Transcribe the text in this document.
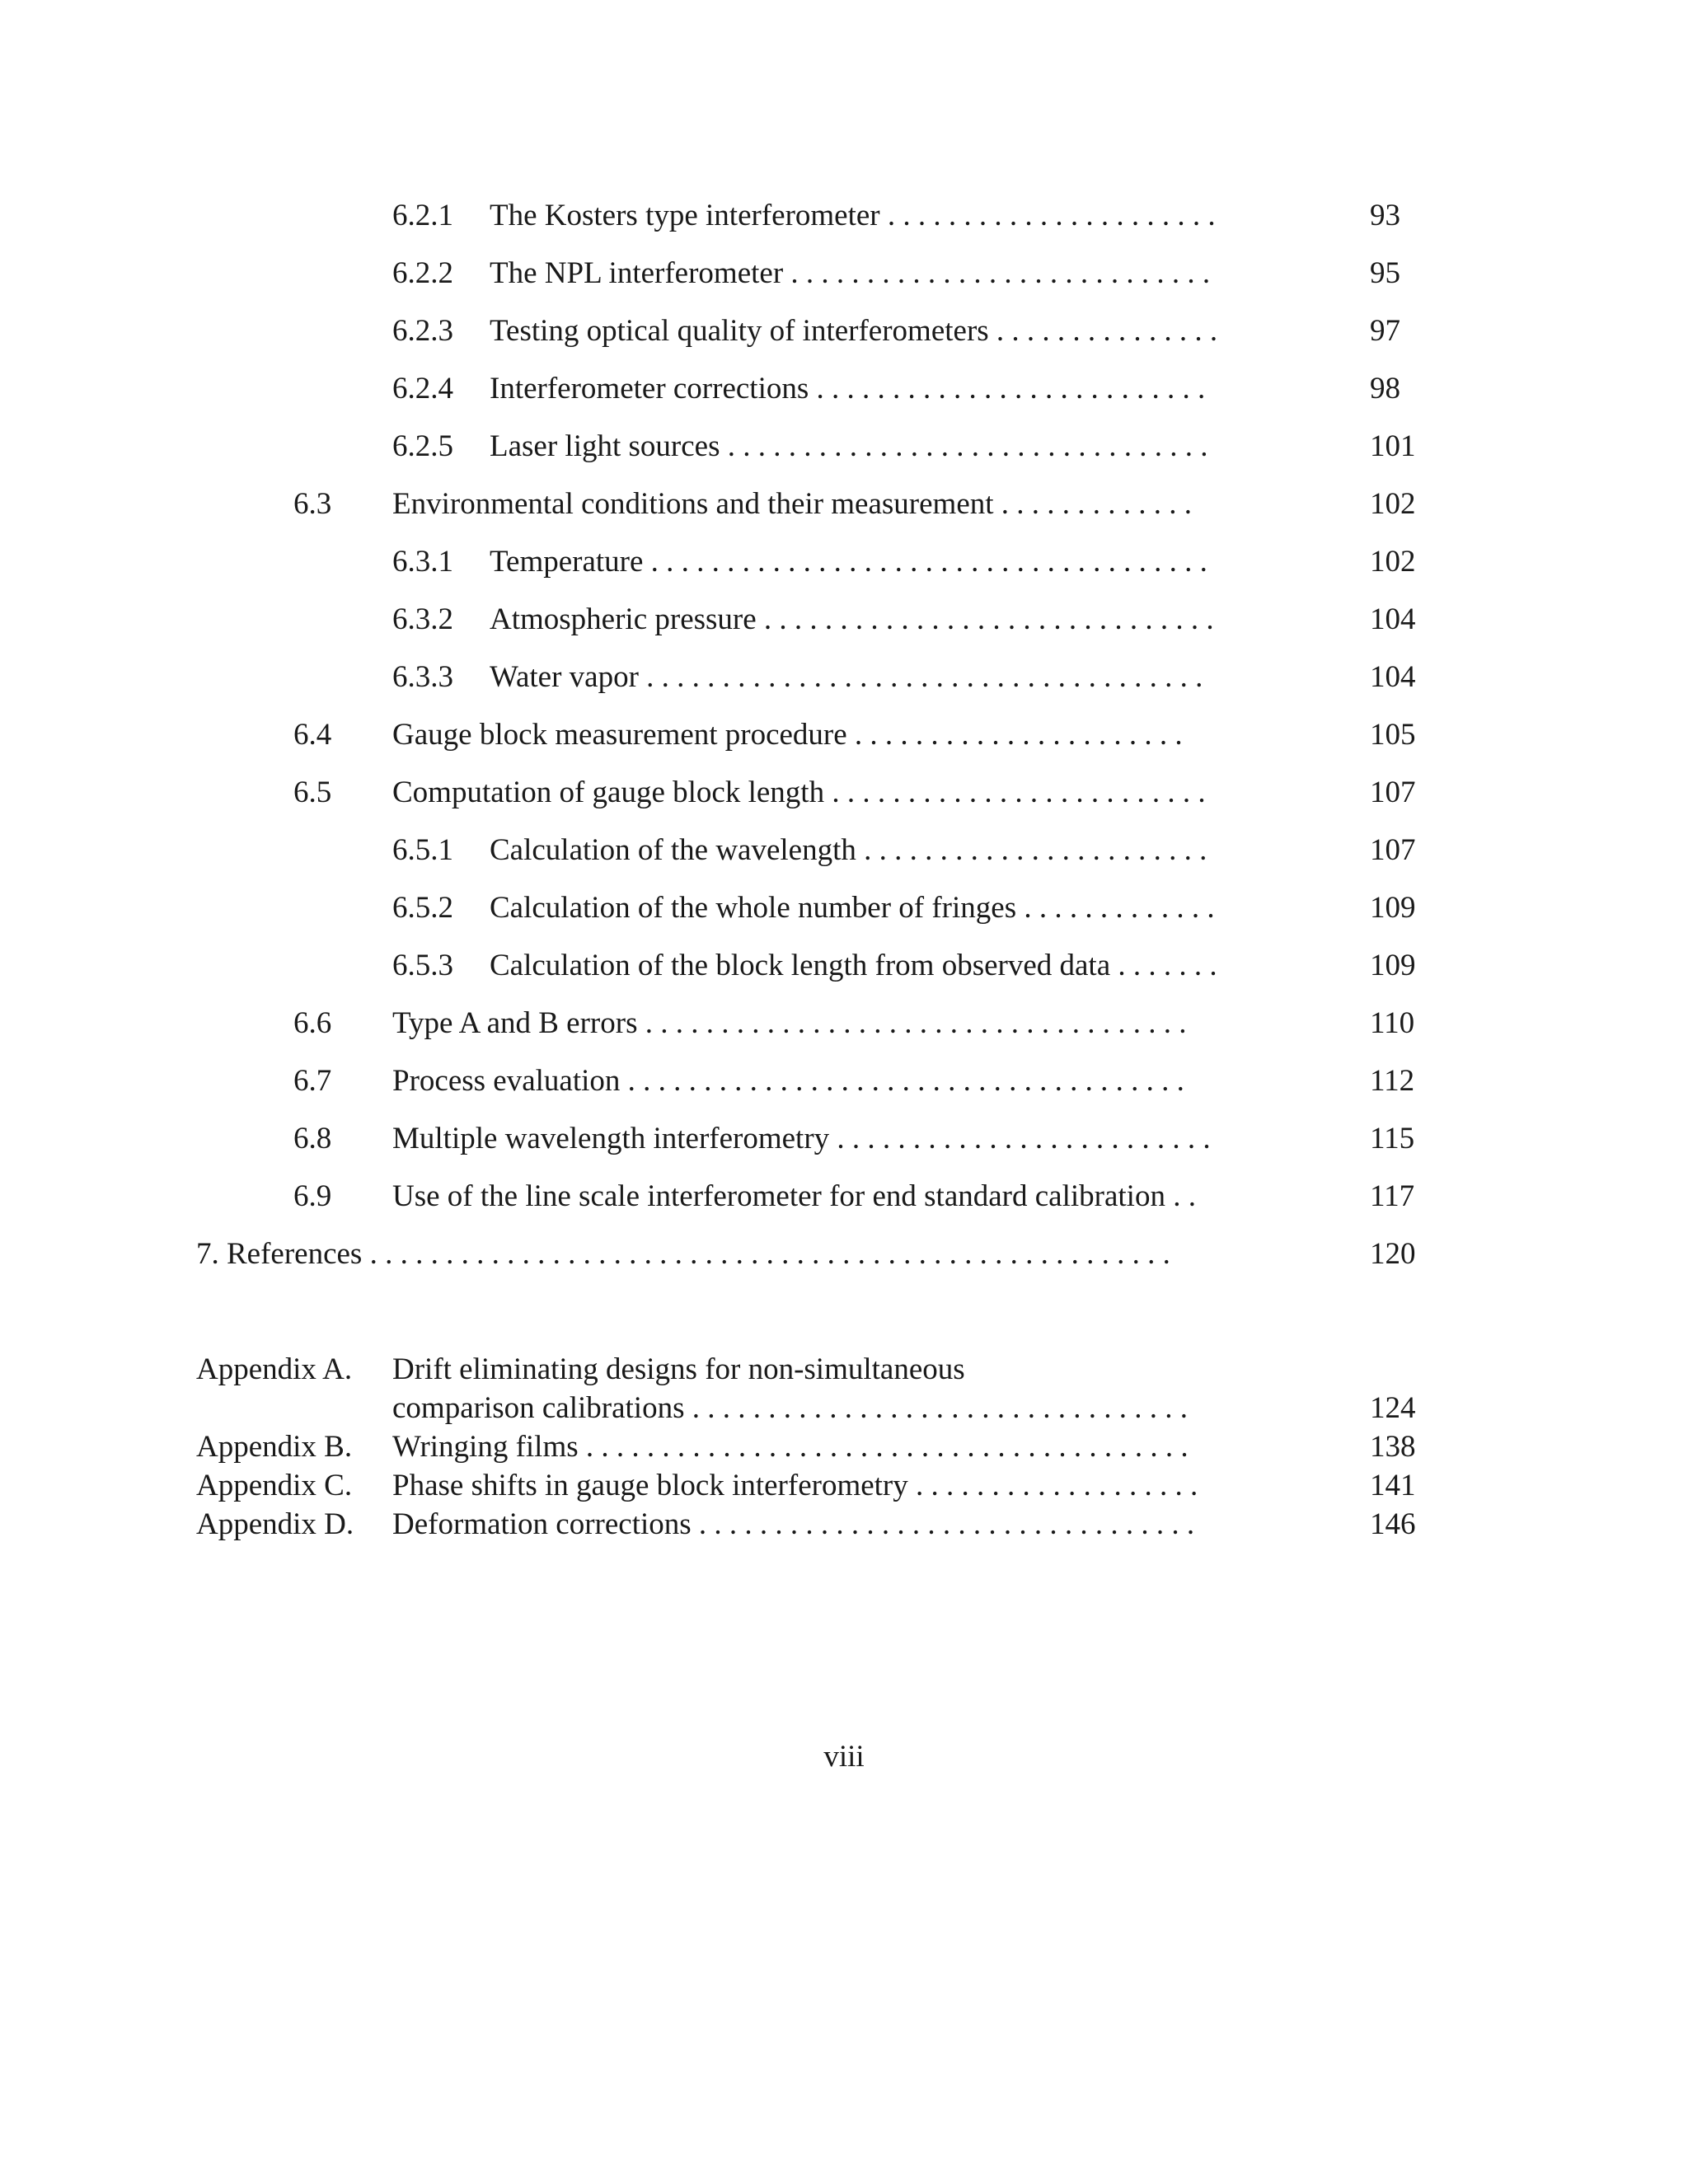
6.2.1 The Kosters type interferometer . . . . . . . . . . . . . . . . . . . . . .	93
6.2.2 The NPL interferometer . . . . . . . . . . . . . . . . . . . . . . . . . . . .	95
6.2.3 Testing optical quality of interferometers . . . . . . . . . . . . . . .	97
6.2.4 Interferometer corrections . . . . . . . . . . . . . . . . . . . . . . . . . .	98
6.2.5 Laser light sources . . . . . . . . . . . . . . . . . . . . . . . . . . . . . . . .	101
6.3 Environmental conditions and their measurement . . . . . . . . . . . . .	102
6.3.1 Temperature . . . . . . . . . . . . . . . . . . . . . . . . . . . . . . . . . . . . .	102
6.3.2 Atmospheric pressure . . . . . . . . . . . . . . . . . . . . . . . . . . . . . .	104
6.3.3 Water vapor . . . . . . . . . . . . . . . . . . . . . . . . . . . . . . . . . . . . .	104
6.4 Gauge block measurement procedure . . . . . . . . . . . . . . . . . . . . . .	105
6.5 Computation of gauge block length . . . . . . . . . . . . . . . . . . . . . . . . .	107
6.5.1 Calculation of the wavelength . . . . . . . . . . . . . . . . . . . . . . .	107
6.5.2 Calculation of the whole number of fringes . . . . . . . . . . . . .	109
6.5.3 Calculation of the block length from observed data . . . . . . .	109
6.6 Type A and B errors . . . . . . . . . . . . . . . . . . . . . . . . . . . . . . . . . . . .	110
6.7 Process evaluation . . . . . . . . . . . . . . . . . . . . . . . . . . . . . . . . . . . . .	112
6.8 Multiple wavelength interferometry . . . . . . . . . . . . . . . . . . . . . . . . .	115
6.9 Use of the line scale interferometer for end standard calibration . .	117
7. References . . . . . . . . . . . . . . . . . . . . . . . . . . . . . . . . . . . . . . . . . . . . . . . . . . . . .	120
Appendix A. Drift eliminating designs for non-simultaneous
comparison calibrations . . . . . . . . . . . . . . . . . . . . . . . . . . . . . . . . .	124
Appendix B. Wringing films . . . . . . . . . . . . . . . . . . . . . . . . . . . . . . . . . . . . . . . .	138
Appendix C. Phase shifts in gauge block interferometry . . . . . . . . . . . . . . . . . . .	141
Appendix D. Deformation corrections . . . . . . . . . . . . . . . . . . . . . . . . . . . . . . . . .	146
viii
